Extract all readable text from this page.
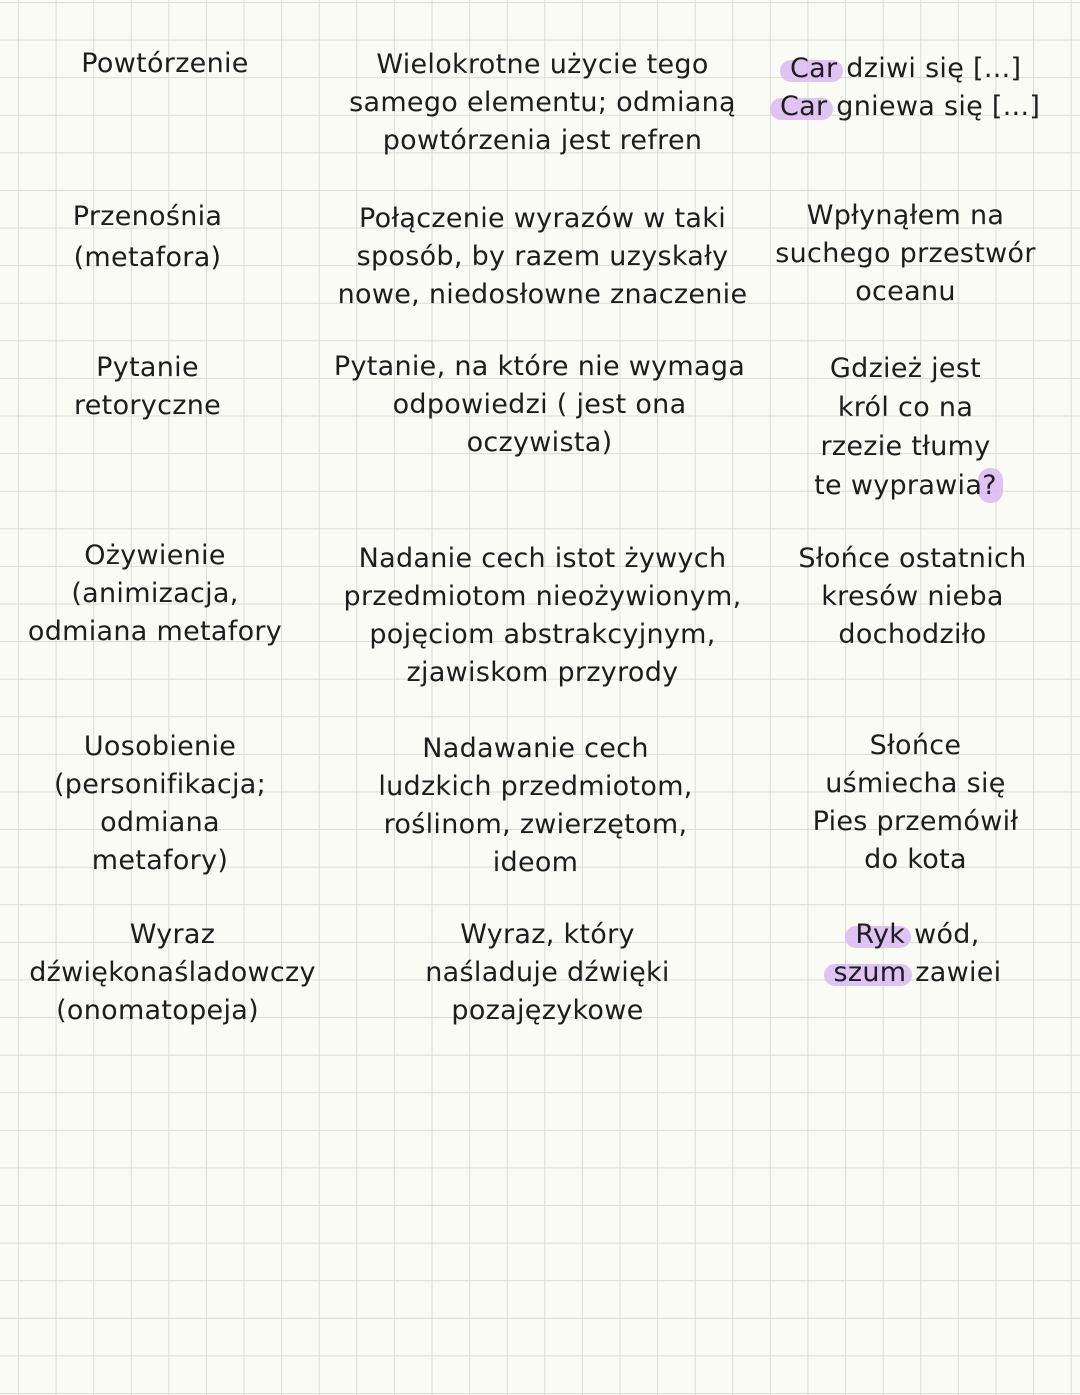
Powtórzenie	Wielokrotne użycie tego
samego elementu; odmianą
powtórzenia jest refren
Car dziwi się [...]
Car gniewa się [...]
Przenośnia
(metafora)
Połączenie wyrazów w taki
sposób, by razem uzyskały
nowe, niedosłowne znaczenie
Wpłynąłem na
suchego przestwór
oceanu
Pytanie
retoryczne
Pytanie, na które nie wymaga
odpowiedzi ( jest ona
oczywista)
Gdzież jest
król co na
rzezie tłumy
te wyprawia?
Ożywienie
(animizacja,
odmiana metafory
Nadanie cech istot żywych
przedmiotom nieożywionym,
pojęciom abstrakcyjnym,
zjawiskom przyrody
Słońce ostatnich
kresów nieba
dochodziło
Uosobienie
(personifikacja;
odmiana
metafory)
Nadawanie cech
ludzkich przedmiotom,
roślinom, zwierzętom,
ideom
Słońce
uśmiecha się
Pies przemówił
do kota
Wyraz
dźwiękonaśladowczy
(onomatopeja)
Wyraz, który
naśladuje dźwięki
pozajęzykowe
Ryk wód,
szum zawiei
